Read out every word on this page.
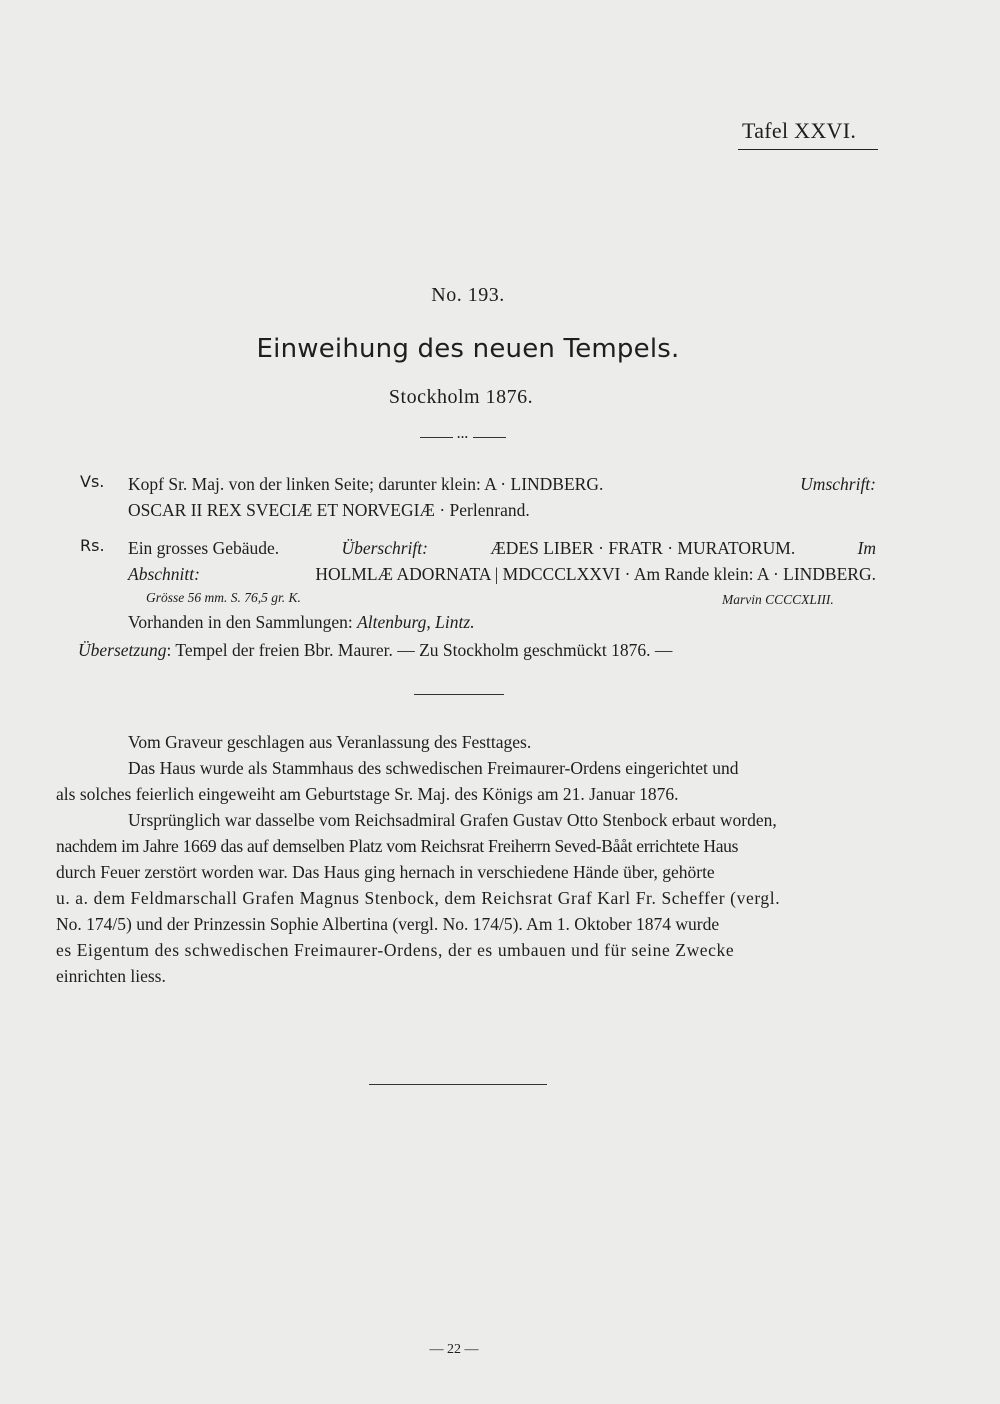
Tafel XXVI.
No. 193.
Einweihung des neuen Tempels.
Stockholm 1876.
•••
Vs. Kopf Sr. Maj. von der linken Seite; darunter klein: A · LINDBERG.	Umschrift:
OSCAR II REX SVECIÆ ET NORVEGIÆ · Perlenrand.
Rs. Ein grosses Gebäude.	Überschrift:	ÆDES LIBER · FRATR · MURATORUM.	Im
Abschnitt:	HOLMLÆ ADORNATA | MDCCCLXXVI · Am Rande klein: A · LINDBERG.
Grösse 56 mm. S. 76,5 gr. K.	Marvin CCCCXLIII.
Vorhanden in den Sammlungen: Altenburg, Lintz.
Übersetzung: Tempel der freien Bbr. Maurer. — Zu Stockholm geschmückt 1876. —
Vom Graveur geschlagen aus Veranlassung des Festtages.
Das Haus wurde als Stammhaus des schwedischen Freimaurer-Ordens eingerichtet und
als solches feierlich eingeweiht am Geburtstage Sr. Maj. des Königs am 21. Januar 1876.
Ursprünglich war dasselbe vom Reichsadmiral Grafen Gustav Otto Stenbock erbaut worden,
nachdem im Jahre 1669 das auf demselben Platz vom Reichsrat Freiherrn Seved-Bååt errichtete Haus
durch Feuer zerstört worden war. Das Haus ging hernach in verschiedene Hände über, gehörte
u. a. dem Feldmarschall Grafen Magnus Stenbock, dem Reichsrat Graf Karl Fr. Scheffer (vergl.
No. 174/5) und der Prinzessin Sophie Albertina (vergl. No. 174/5). Am 1. Oktober 1874 wurde
es Eigentum des schwedischen Freimaurer-Ordens, der es umbauen und für seine Zwecke
einrichten liess.
— 22 —
